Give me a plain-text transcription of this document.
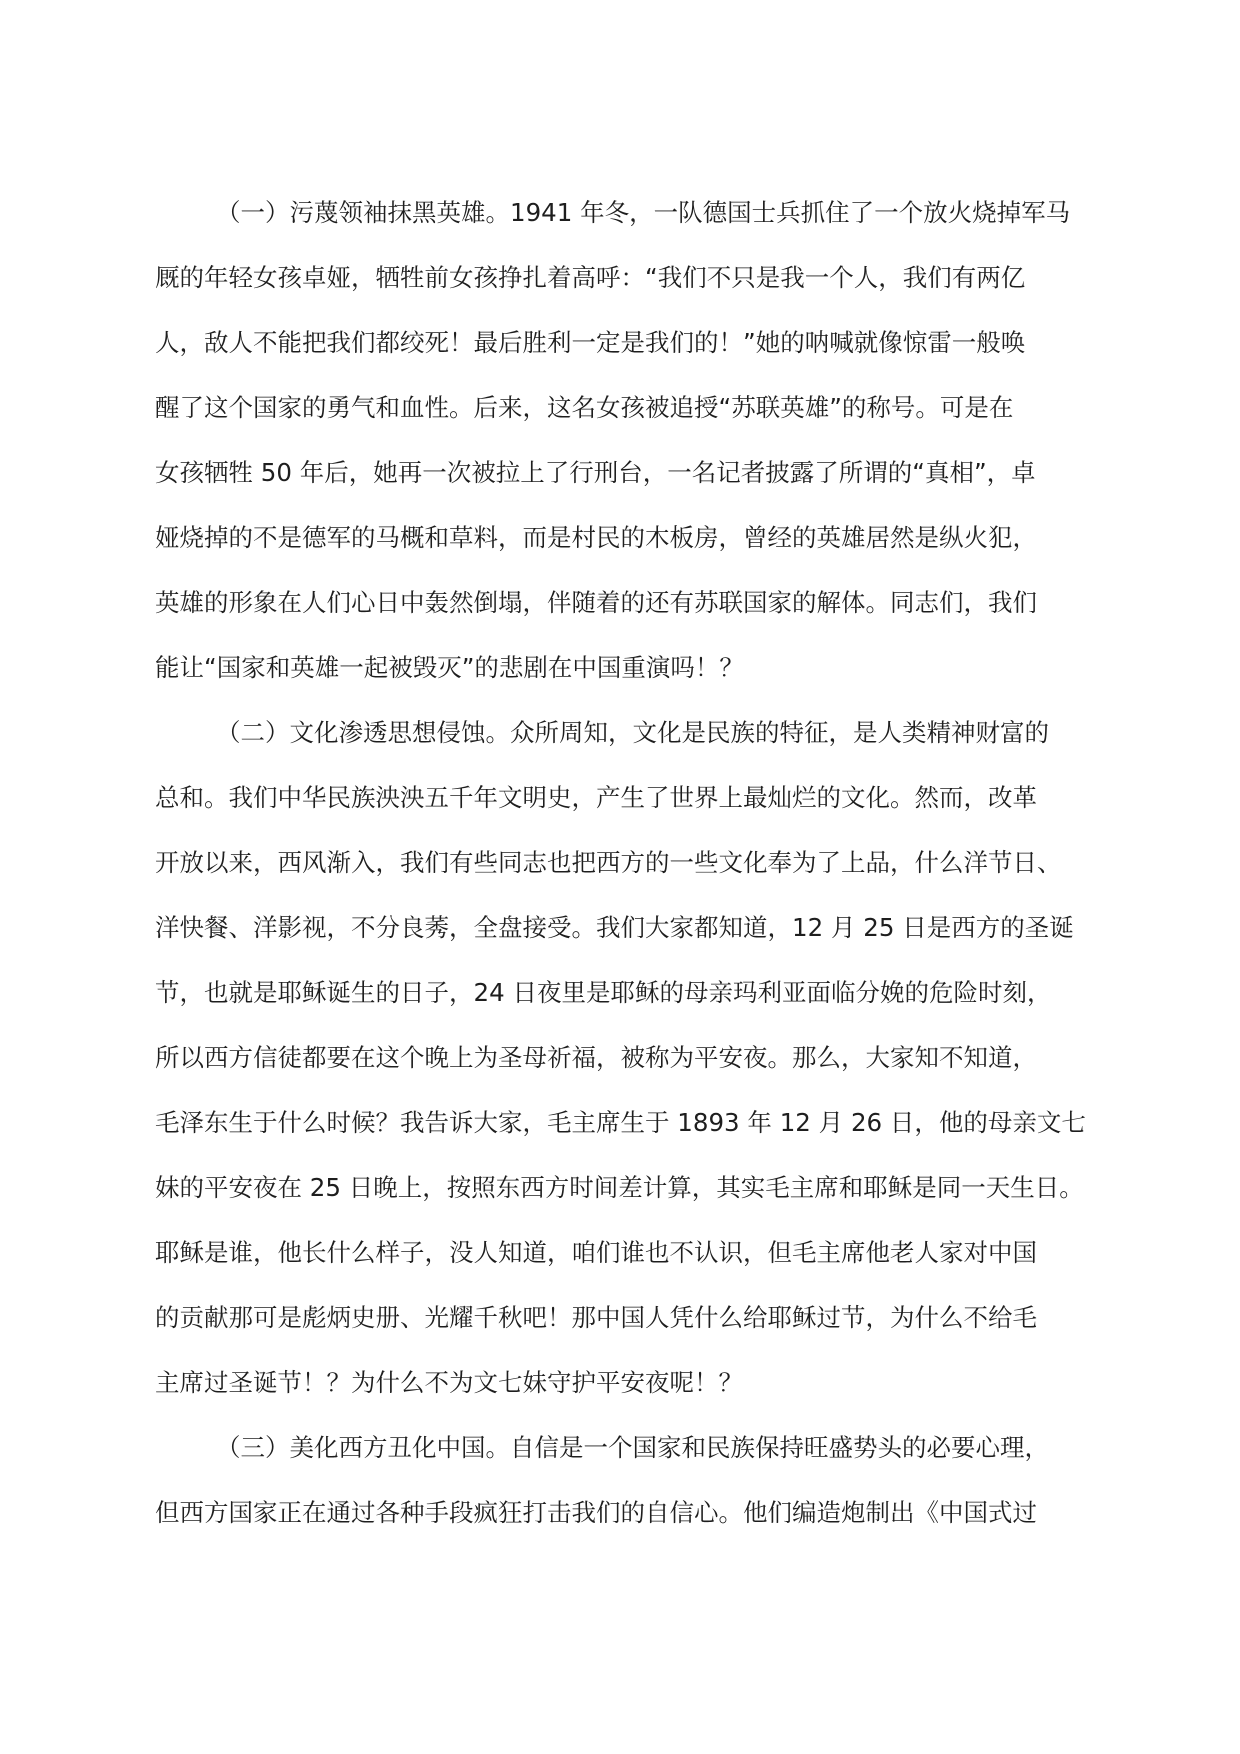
（一）污蔑领袖抹黑英雄。1941 年冬，一队德国士兵抓住了一个放火烧掉军马
厩的年轻女孩卓娅，牺牲前女孩挣扎着高呼：“我们不只是我一个人，我们有两亿
人，敌人不能把我们都绞死！最后胜利一定是我们的！”她的呐喊就像惊雷一般唤
醒了这个国家的勇气和血性。后来，这名女孩被追授“苏联英雄”的称号。可是在
女孩牺牲 50 年后，她再一次被拉上了行刑台，一名记者披露了所谓的“真相”，卓
娅烧掉的不是德军的马概和草料，而是村民的木板房，曾经的英雄居然是纵火犯，
英雄的形象在人们心日中轰然倒塌，伴随着的还有苏联国家的解体。同志们，我们
能让“国家和英雄一起被毁灭”的悲剧在中国重演吗！？
（二）文化渗透思想侵蚀。众所周知，文化是民族的特征，是人类精神财富的
总和。我们中华民族泱泱五千年文明史，产生了世界上最灿烂的文化。然而，改革
开放以来，西风渐入，我们有些同志也把西方的一些文化奉为了上品，什么洋节日、
洋快餐、洋影视，不分良莠，全盘接受。我们大家都知道，12 月 25 日是西方的圣诞
节，也就是耶稣诞生的日子，24 日夜里是耶稣的母亲玛利亚面临分娩的危险时刻，
所以西方信徒都要在这个晚上为圣母祈福，被称为平安夜。那么，大家知不知道，
毛泽东生于什么时候？我告诉大家，毛主席生于 1893 年 12 月 26 日，他的母亲文七
妹的平安夜在 25 日晚上，按照东西方时间差计算，其实毛主席和耶稣是同一天生日。
耶稣是谁，他长什么样子，没人知道，咱们谁也不认识，但毛主席他老人家对中国
的贡献那可是彪炳史册、光耀千秋吧！那中国人凭什么给耶稣过节，为什么不给毛
主席过圣诞节！？为什么不为文七妹守护平安夜呢！？
（三）美化西方丑化中国。自信是一个国家和民族保持旺盛势头的必要心理，
但西方国家正在通过各种手段疯狂打击我们的自信心。他们编造炮制出《中国式过
